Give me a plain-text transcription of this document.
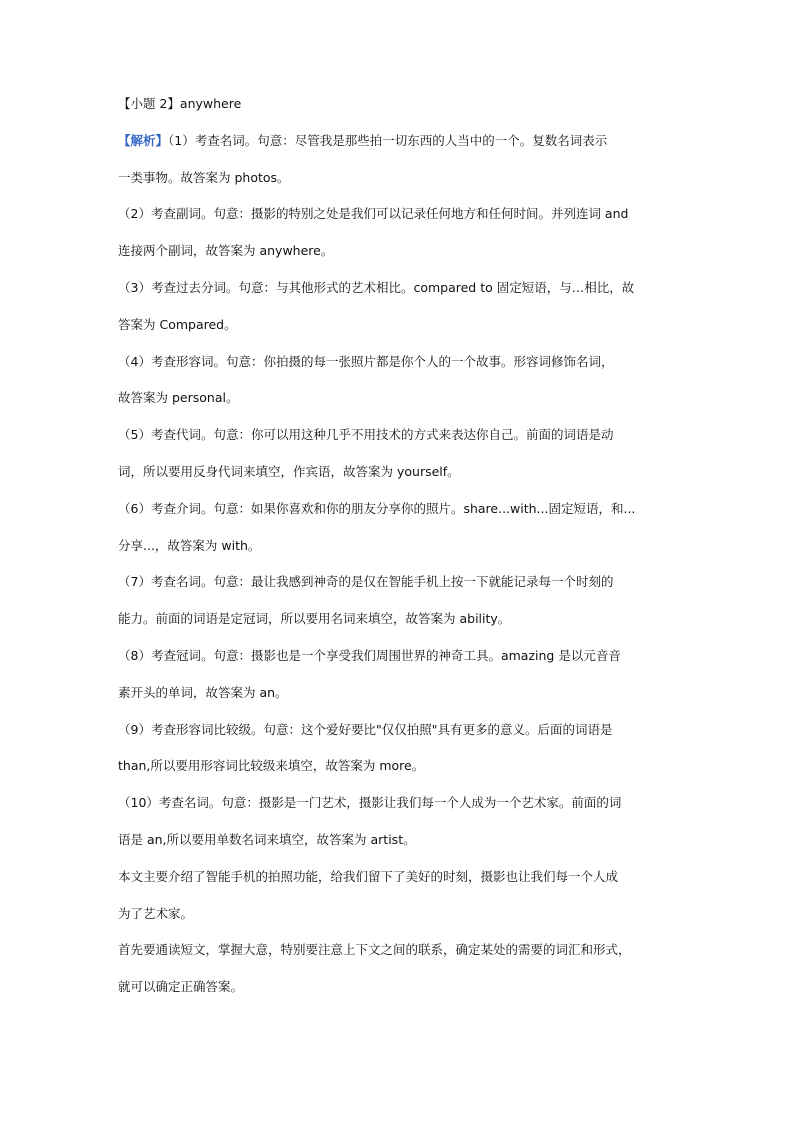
【小题 2】anywhere
【解析】（1）考查名词。句意：尽管我是那些拍一切东西的人当中的一个。复数名词表示
一类事物。故答案为 photos。
（2）考查副词。句意：摄影的特别之处是我们可以记录任何地方和任何时间。并列连词 and
连接两个副词，故答案为 anywhere。
（3）考查过去分词。句意：与其他形式的艺术相比。compared to 固定短语，与…相比，故
答案为 Compared。
（4）考查形容词。句意：你拍摄的每一张照片都是你个人的一个故事。形容词修饰名词，
故答案为 personal。
（5）考查代词。句意：你可以用这种几乎不用技术的方式来表达你自己。前面的词语是动
词，所以要用反身代词来填空，作宾语，故答案为 yourself。
（6）考查介词。句意：如果你喜欢和你的朋友分享你的照片。share...with...固定短语，和...
分享...，故答案为 with。
（7）考查名词。句意：最让我感到神奇的是仅在智能手机上按一下就能记录每一个时刻的
能力。前面的词语是定冠词，所以要用名词来填空，故答案为 ability。
（8）考查冠词。句意：摄影也是一个享受我们周围世界的神奇工具。amazing 是以元音音
素开头的单词，故答案为 an。
（9）考查形容词比较级。句意：这个爱好要比"仅仅拍照"具有更多的意义。后面的词语是
than,所以要用形容词比较级来填空，故答案为 more。
（10）考查名词。句意：摄影是一门艺术，摄影让我们每一个人成为一个艺术家。前面的词
语是 an,所以要用单数名词来填空，故答案为 artist。
本文主要介绍了智能手机的拍照功能，给我们留下了美好的时刻，摄影也让我们每一个人成
为了艺术家。
首先要通读短文，掌握大意，特别要注意上下文之间的联系，确定某处的需要的词汇和形式，
就可以确定正确答案。
